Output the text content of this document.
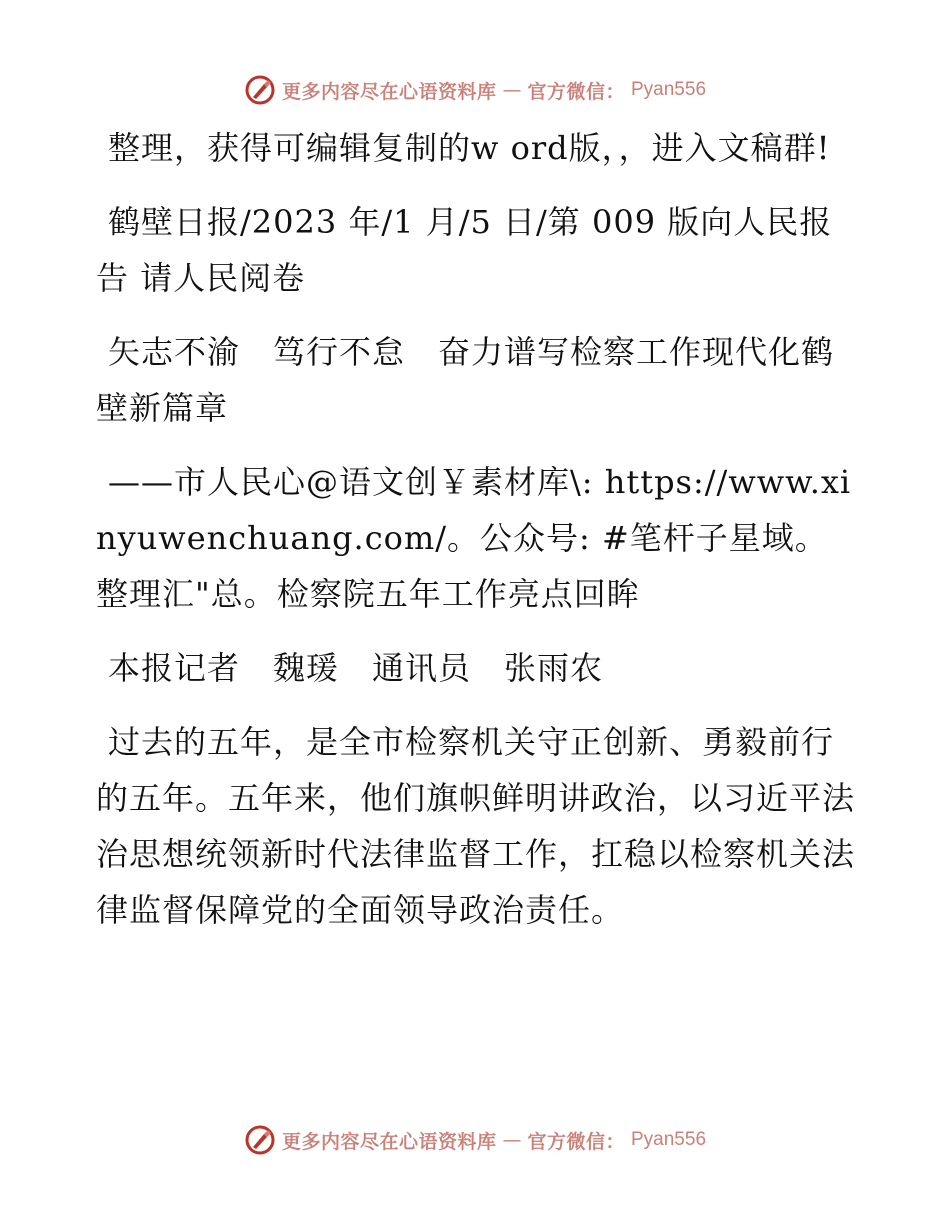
更多内容尽在心语资料库 — 官方微信： Pyan556

整理，获得可编辑复制的w ord版，，进入文稿群!

鹤壁日报/2023 年/1 月/5 日/第 009 版向人民报告 请人民阅卷

矢志不渝　笃行不怠　奋力谱写检察工作现代化鹤壁新篇章

——市人民心@语文创￥素材库\: https://www.xinyuwenchuang.com/。公众号: #笔杆子星域。整理汇"总。检察院五年工作亮点回眸

本报记者　魏瑗　通讯员　张雨农

过去的五年，是全市检察机关守正创新、勇毅前行的五年。五年来，他们旗帜鲜明讲政治，以习近平法治思想统领新时代法律监督工作，扛稳以检察机关法律监督保障党的全面领导政治责任。

更多内容尽在心语资料库 — 官方微信： Pyan556
